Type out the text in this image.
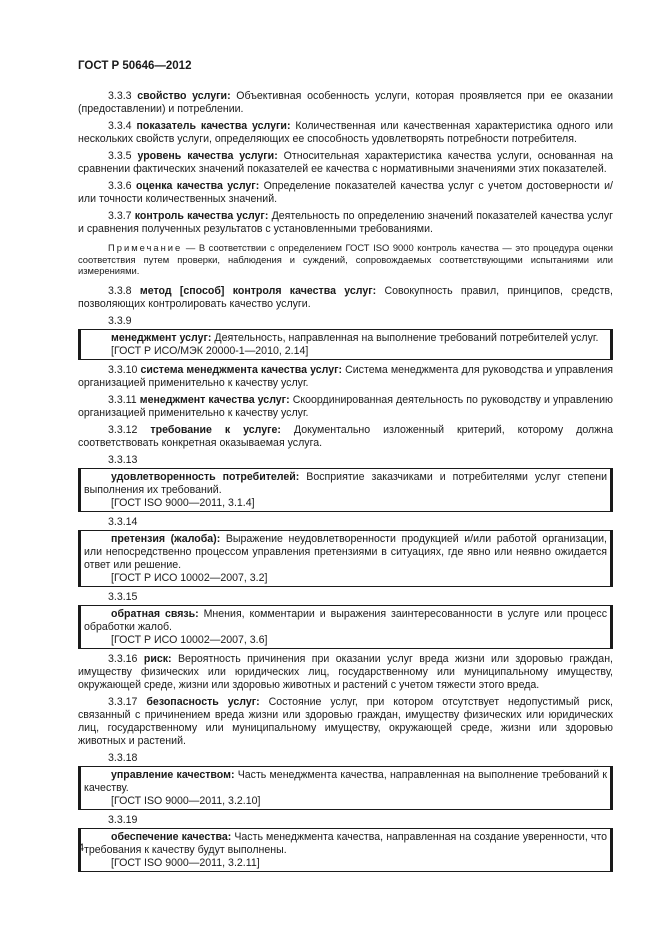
ГОСТ Р 50646—2012

3.3.3 свойство услуги: Объективная особенность услуги, которая проявляется при ее оказании (предоставлении) и потреблении.

3.3.4 показатель качества услуги: Количественная или качественная характеристика одного или нескольких свойств услуги, определяющих ее способность удовлетворять потребности потребителя.

3.3.5 уровень качества услуги: Относительная характеристика качества услуги, основанная на сравнении фактических значений показателей ее качества с нормативными значениями этих показателей.

3.3.6 оценка качества услуг: Определение показателей качества услуг с учетом достоверности и/или точности количественных значений.

3.3.7 контроль качества услуг: Деятельность по определению значений показателей качества услуг и сравнения полученных результатов с установленными требованиями.

Примечание — В соответствии с определением ГОСТ ISO 9000 контроль качества — это процедура оценки соответствия путем проверки, наблюдения и суждений, сопровождаемых соответствующими испытаниями или измерениями.

3.3.8 метод [способ] контроля качества услуг: Совокупность правил, принципов, средств, позволяющих контролировать качество услуги.

3.3.9

менеджмент услуг: Деятельность, направленная на выполнение требований потребителей услуг.

[ГОСТ Р ИСО/МЭК 20000-1—2010, 2.14]

3.3.10 система менеджмента качества услуг: Система менеджмента для руководства и управления организацией применительно к качеству услуг.

3.3.11 менеджмент качества услуг: Скоординированная деятельность по руководству и управлению организацией применительно к качеству услуг.

3.3.12 требование к услуге: Документально изложенный критерий, которому должна соответствовать конкретная оказываемая услуга.

3.3.13

удовлетворенность потребителей: Восприятие заказчиками и потребителями услуг степени выполнения их требований.

[ГОСТ ISO 9000—2011, 3.1.4]

3.3.14

претензия (жалоба): Выражение неудовлетворенности продукцией и/или работой организации, или непосредственно процессом управления претензиями в ситуациях, где явно или неявно ожидается ответ или решение.

[ГОСТ Р ИСО 10002—2007, 3.2]

3.3.15

обратная связь: Мнения, комментарии и выражения заинтересованности в услуге или процесс обработки жалоб.

[ГОСТ Р ИСО 10002—2007, 3.6]

3.3.16 риск: Вероятность причинения при оказании услуг вреда жизни или здоровью граждан, имуществу физических или юридических лиц, государственному или муниципальному имуществу, окружающей среде, жизни или здоровью животных и растений с учетом тяжести этого вреда.

3.3.17 безопасность услуг: Состояние услуг, при котором отсутствует недопустимый риск, связанный с причинением вреда жизни или здоровью граждан, имуществу физических или юридических лиц, государственному или муниципальному имуществу, окружающей среде, жизни или здоровью животных и растений.

3.3.18

управление качеством: Часть менеджмента качества, направленная на выполнение требований к качеству.

[ГОСТ ISO 9000—2011, 3.2.10]

3.3.19

обеспечение качества: Часть менеджмента качества, направленная на создание уверенности, что требования к качеству будут выполнены.

[ГОСТ ISO 9000—2011, 3.2.11]

4
